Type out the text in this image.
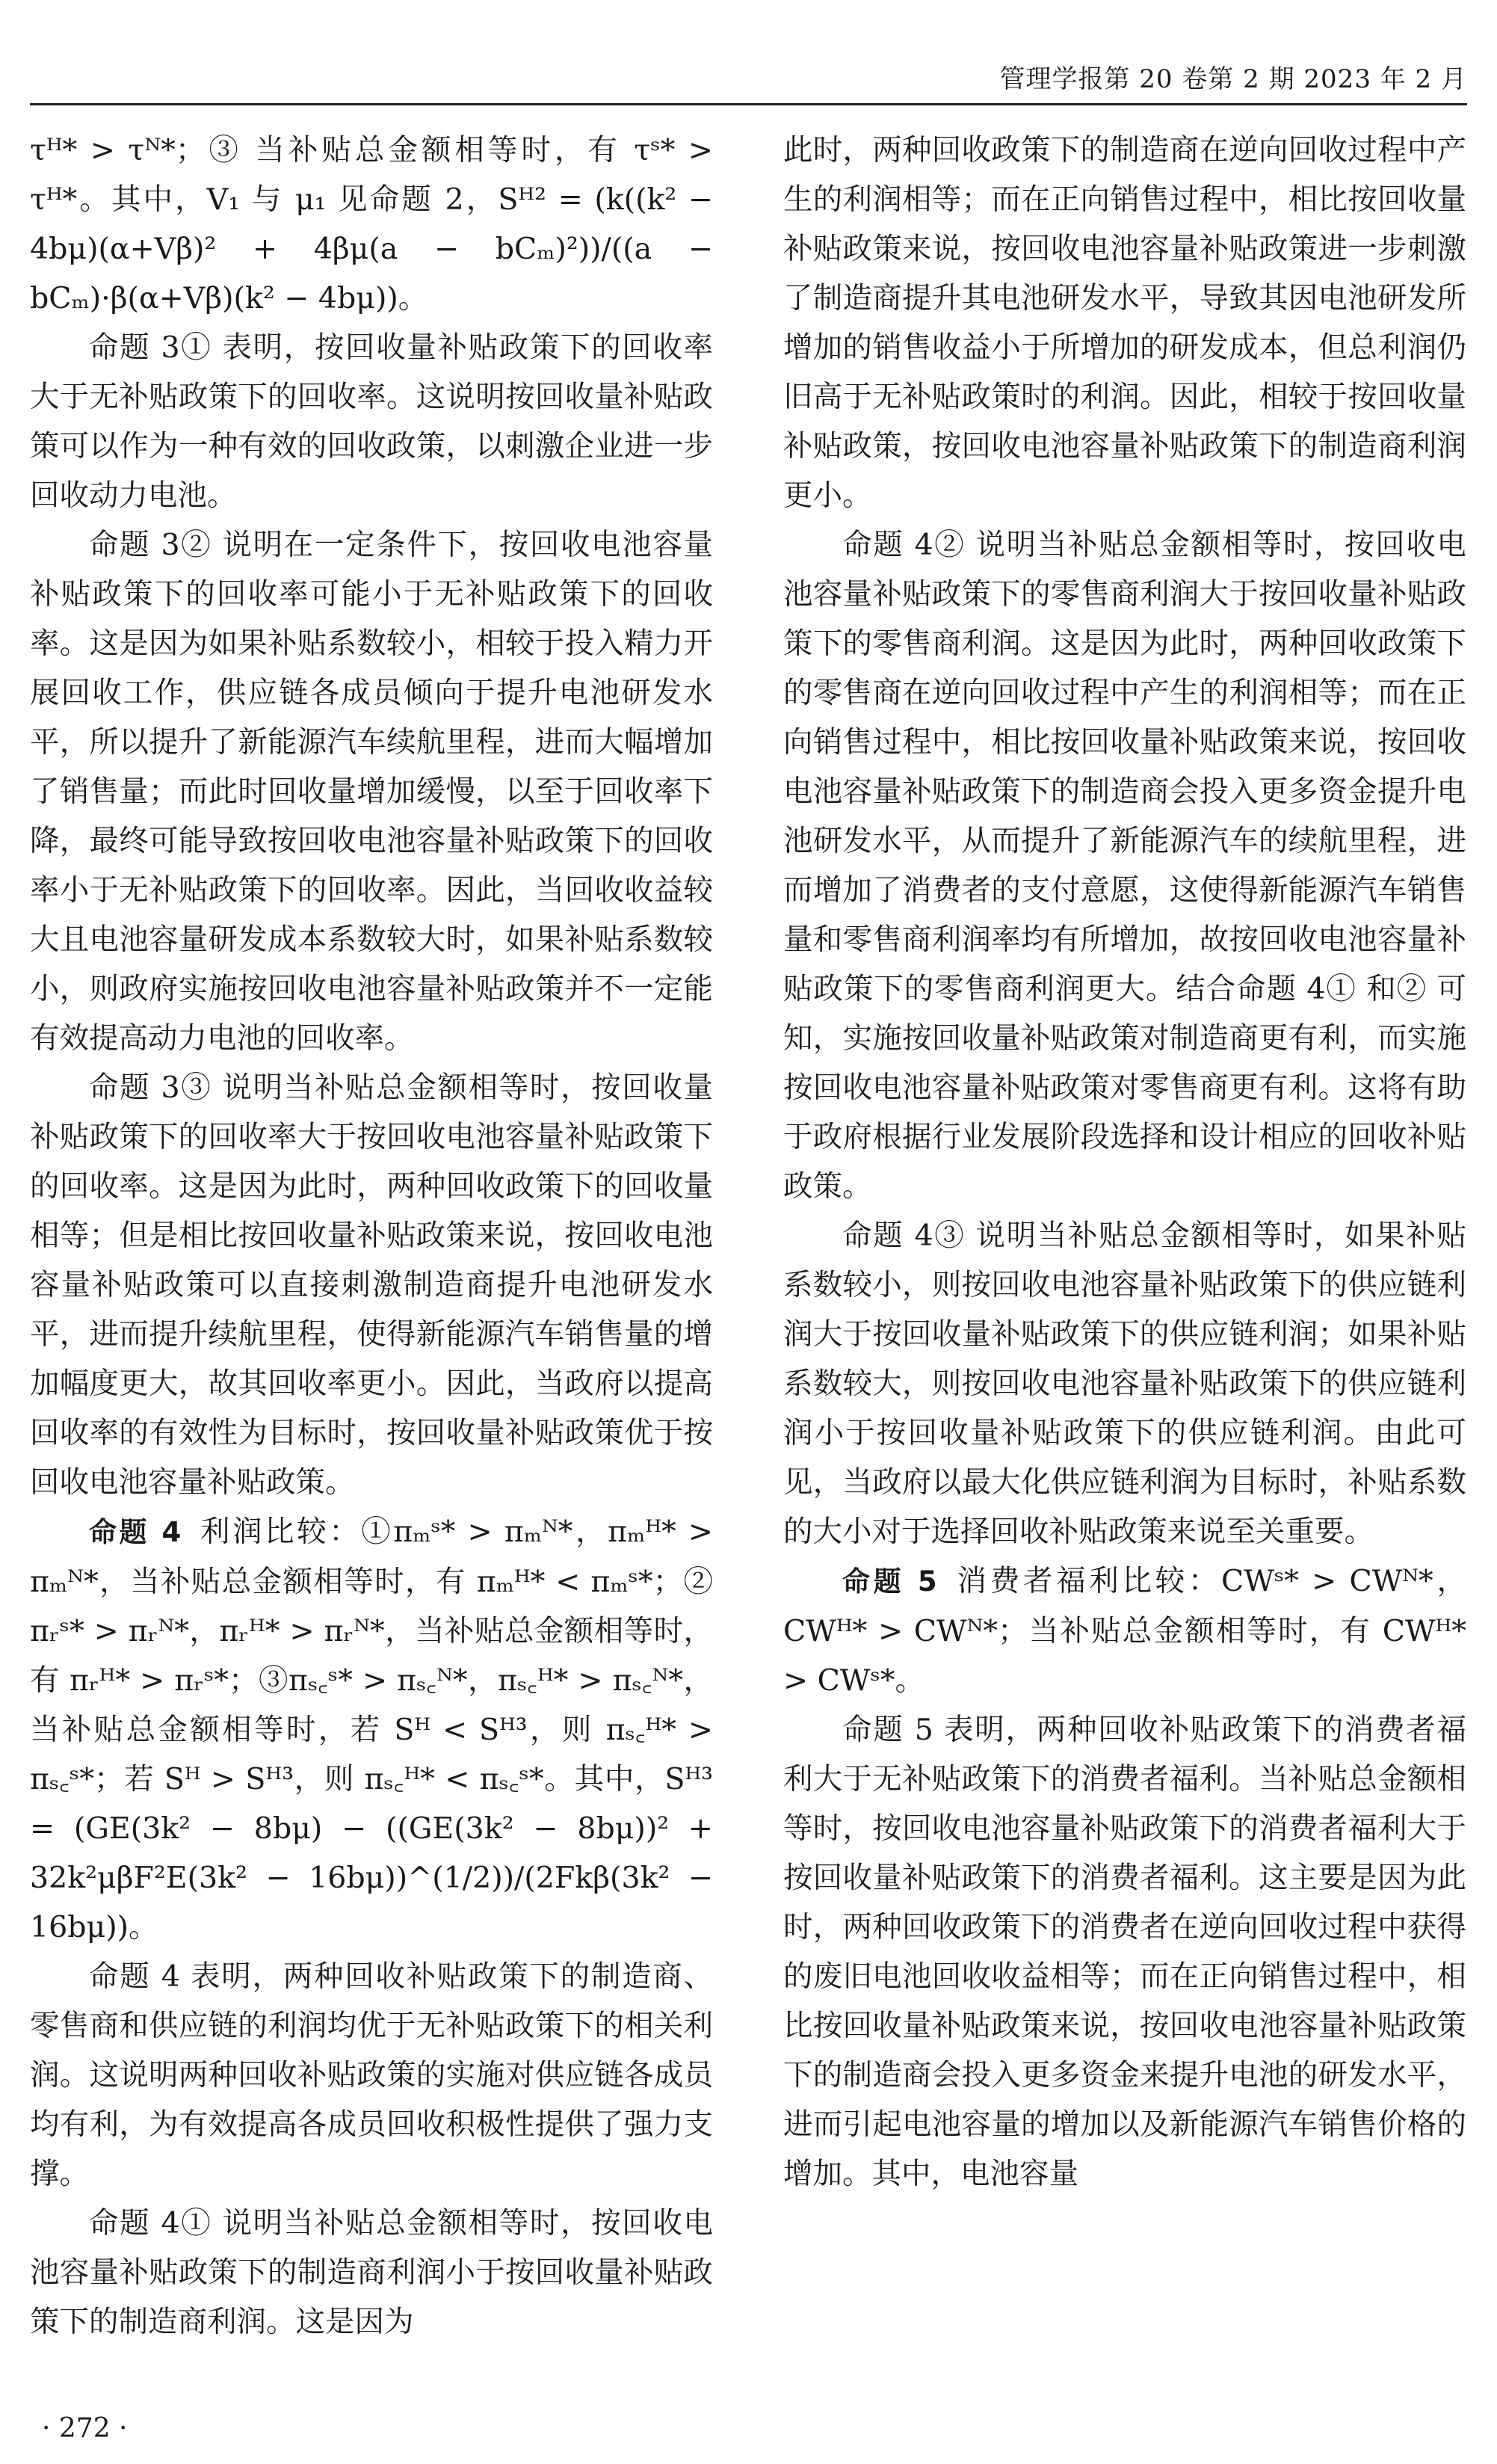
管理学报第 20 卷第 2 期 2023 年 2 月

τᴴ* > τᴺ*；③ 当补贴总金额相等时，有 τˢ* > τᴴ*。其中，V₁ 与 μ₁ 见命题 2，Sᴴ² = (k((k² − 4bμ)(α+Vβ)² + 4βμ(a − bCₘ)²))/((a − bCₘ)·β(α+Vβ)(k² − 4bμ))。

命题 3① 表明，按回收量补贴政策下的回收率大于无补贴政策下的回收率。这说明按回收量补贴政策可以作为一种有效的回收政策，以刺激企业进一步回收动力电池。

命题 3② 说明在一定条件下，按回收电池容量补贴政策下的回收率可能小于无补贴政策下的回收率。这是因为如果补贴系数较小，相较于投入精力开展回收工作，供应链各成员倾向于提升电池研发水平，所以提升了新能源汽车续航里程，进而大幅增加了销售量；而此时回收量增加缓慢，以至于回收率下降，最终可能导致按回收电池容量补贴政策下的回收率小于无补贴政策下的回收率。因此，当回收收益较大且电池容量研发成本系数较大时，如果补贴系数较小，则政府实施按回收电池容量补贴政策并不一定能有效提高动力电池的回收率。

命题 3③ 说明当补贴总金额相等时，按回收量补贴政策下的回收率大于按回收电池容量补贴政策下的回收率。这是因为此时，两种回收政策下的回收量相等；但是相比按回收量补贴政策来说，按回收电池容量补贴政策可以直接刺激制造商提升电池研发水平，进而提升续航里程，使得新能源汽车销售量的增加幅度更大，故其回收率更小。因此，当政府以提高回收率的有效性为目标时，按回收量补贴政策优于按回收电池容量补贴政策。

命题 4 利润比较：①πₘˢ* > πₘᴺ*，πₘᴴ* > πₘᴺ*，当补贴总金额相等时，有 πₘᴴ* < πₘˢ*；② πᵣˢ* > πᵣᴺ*，πᵣᴴ* > πᵣᴺ*，当补贴总金额相等时，有 πᵣᴴ* > πᵣˢ*；③πₛ꜀ˢ* > πₛ꜀ᴺ*，πₛ꜀ᴴ* > πₛ꜀ᴺ*，当补贴总金额相等时，若 Sᴴ < Sᴴ³，则 πₛ꜀ᴴ* > πₛ꜀ˢ*；若 Sᴴ > Sᴴ³，则 πₛ꜀ᴴ* < πₛ꜀ˢ*。其中，Sᴴ³ = (GE(3k² − 8bμ) − ((GE(3k² − 8bμ))² + 32k²μβF²E(3k² − 16bμ))^(1/2))/(2Fkβ(3k² − 16bμ))。

命题 4 表明，两种回收补贴政策下的制造商、零售商和供应链的利润均优于无补贴政策下的相关利润。这说明两种回收补贴政策的实施对供应链各成员均有利，为有效提高各成员回收积极性提供了强力支撑。

命题 4① 说明当补贴总金额相等时，按回收电池容量补贴政策下的制造商利润小于按回收量补贴政策下的制造商利润。这是因为

此时，两种回收政策下的制造商在逆向回收过程中产生的利润相等；而在正向销售过程中，相比按回收量补贴政策来说，按回收电池容量补贴政策进一步刺激了制造商提升其电池研发水平，导致其因电池研发所增加的销售收益小于所增加的研发成本，但总利润仍旧高于无补贴政策时的利润。因此，相较于按回收量补贴政策，按回收电池容量补贴政策下的制造商利润更小。

命题 4② 说明当补贴总金额相等时，按回收电池容量补贴政策下的零售商利润大于按回收量补贴政策下的零售商利润。这是因为此时，两种回收政策下的零售商在逆向回收过程中产生的利润相等；而在正向销售过程中，相比按回收量补贴政策来说，按回收电池容量补贴政策下的制造商会投入更多资金提升电池研发水平，从而提升了新能源汽车的续航里程，进而增加了消费者的支付意愿，这使得新能源汽车销售量和零售商利润率均有所增加，故按回收电池容量补贴政策下的零售商利润更大。结合命题 4① 和② 可知，实施按回收量补贴政策对制造商更有利，而实施按回收电池容量补贴政策对零售商更有利。这将有助于政府根据行业发展阶段选择和设计相应的回收补贴政策。

命题 4③ 说明当补贴总金额相等时，如果补贴系数较小，则按回收电池容量补贴政策下的供应链利润大于按回收量补贴政策下的供应链利润；如果补贴系数较大，则按回收电池容量补贴政策下的供应链利润小于按回收量补贴政策下的供应链利润。由此可见，当政府以最大化供应链利润为目标时，补贴系数的大小对于选择回收补贴政策来说至关重要。

命题 5 消费者福利比较：CWˢ* > CWᴺ*，CWᴴ* > CWᴺ*；当补贴总金额相等时，有 CWᴴ* > CWˢ*。

命题 5 表明，两种回收补贴政策下的消费者福利大于无补贴政策下的消费者福利。当补贴总金额相等时，按回收电池容量补贴政策下的消费者福利大于按回收量补贴政策下的消费者福利。这主要是因为此时，两种回收政策下的消费者在逆向回收过程中获得的废旧电池回收收益相等；而在正向销售过程中，相比按回收量补贴政策来说，按回收电池容量补贴政策下的制造商会投入更多资金来提升电池的研发水平，进而引起电池容量的增加以及新能源汽车销售价格的增加。其中，电池容量

· 272 ·
